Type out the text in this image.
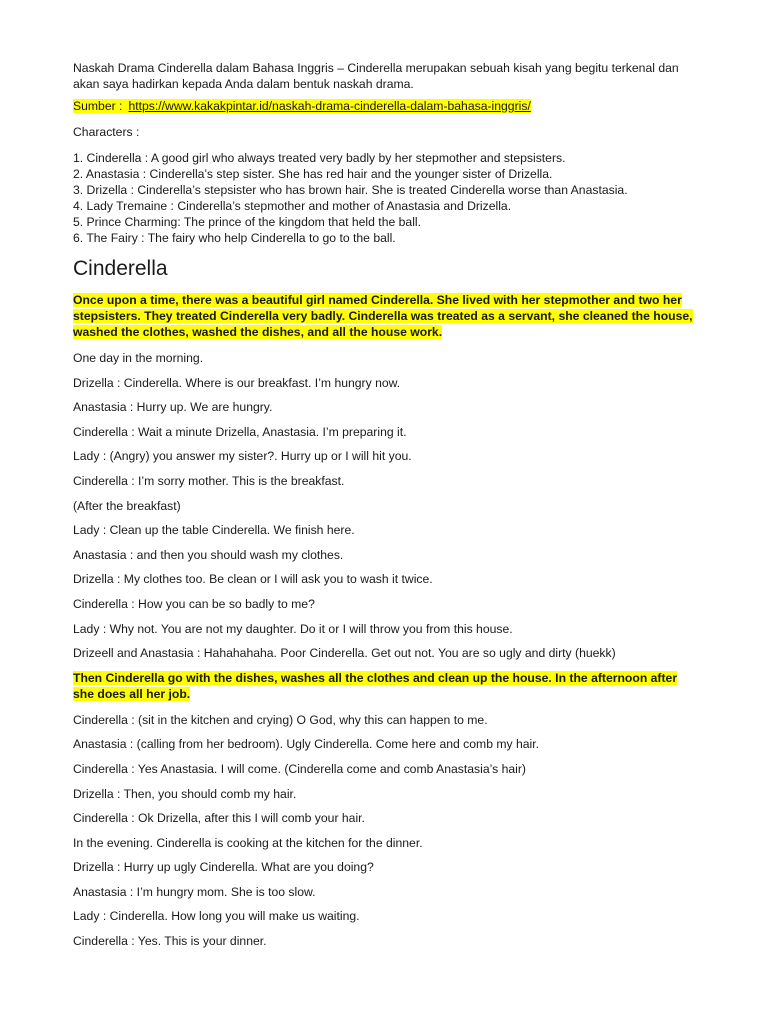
Naskah Drama Cinderella dalam Bahasa Inggris – Cinderella merupakan sebuah kisah yang begitu terkenal dan akan saya hadirkan kepada Anda dalam bentuk naskah drama.

Sumber : https://www.kakakpintar.id/naskah-drama-cinderella-dalam-bahasa-inggris/

Characters :

1. Cinderella : A good girl who always treated very badly by her stepmother and stepsisters.

2. Anastasia : Cinderella’s step sister. She has red hair and the younger sister of Drizella.

3. Drizella : Cinderella’s stepsister who has brown hair. She is treated Cinderella worse than Anastasia.

4. Lady Tremaine : Cinderella’s stepmother and mother of Anastasia and Drizella.

5. Prince Charming: The prince of the kingdom that held the ball.

6. The Fairy : The fairy who help Cinderella to go to the ball.

Cinderella

Once upon a time, there was a beautiful girl named Cinderella. She lived with her stepmother and two her stepsisters. They treated Cinderella very badly. Cinderella was treated as a servant, she cleaned the house, washed the clothes, washed the dishes, and all the house work.

One day in the morning.

Drizella : Cinderella. Where is our breakfast. I’m hungry now.

Anastasia : Hurry up. We are hungry.

Cinderella : Wait a minute Drizella, Anastasia. I’m preparing it.

Lady : (Angry) you answer my sister?. Hurry up or I will hit you.

Cinderella : I’m sorry mother. This is the breakfast.

(After the breakfast)

Lady : Clean up the table Cinderella. We finish here.

Anastasia : and then you should wash my clothes.

Drizella : My clothes too. Be clean or I will ask you to wash it twice.

Cinderella : How you can be so badly to me?

Lady : Why not. You are not my daughter. Do it or I will throw you from this house.

Drizeell and Anastasia : Hahahahaha. Poor Cinderella. Get out not. You are so ugly and dirty (huekk)

Then Cinderella go with the dishes, washes all the clothes and clean up the house. In the afternoon after she does all her job.

Cinderella : (sit in the kitchen and crying) O God, why this can happen to me.

Anastasia : (calling from her bedroom). Ugly Cinderella. Come here and comb my hair.

Cinderella : Yes Anastasia. I will come. (Cinderella come and comb Anastasia’s hair)

Drizella : Then, you should comb my hair.

Cinderella : Ok Drizella, after this I will comb your hair.

In the evening. Cinderella is cooking at the kitchen for the dinner.

Drizella : Hurry up ugly Cinderella. What are you doing?

Anastasia : I’m hungry mom. She is too slow.

Lady : Cinderella. How long you will make us waiting.

Cinderella : Yes. This is your dinner.
